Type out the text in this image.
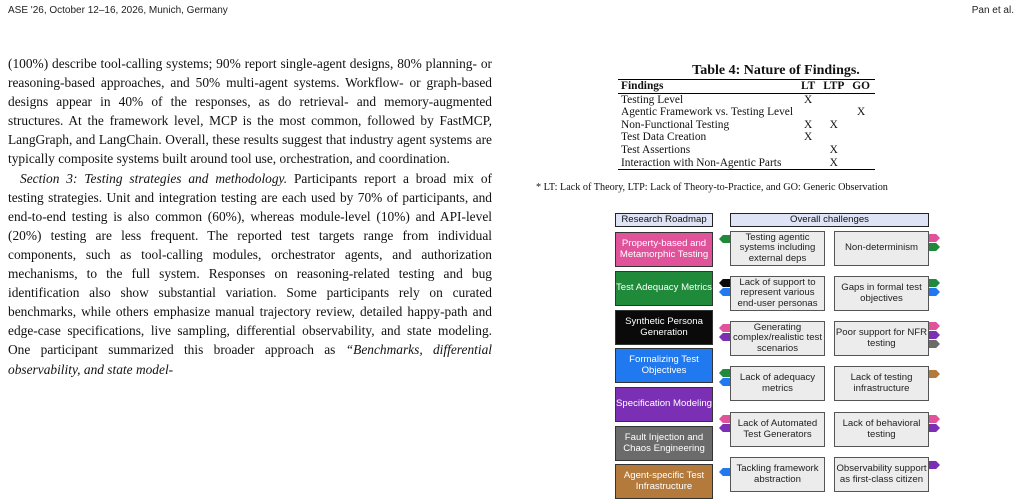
ASE '26, October 12–16, 2026, Munich, Germany	Pan et al.

(100%) describe tool-calling systems; 90% report single-agent designs, 80% planning- or reasoning-based approaches, and 50% multi-agent systems. Workflow- or graph-based designs appear in 40% of the responses, as do retrieval- and memory-augmented structures. At the framework level, MCP is the most common, followed by FastMCP, LangGraph, and LangChain. Overall, these results suggest that industry agent systems are typically composite systems built around tool use, orchestration, and coordination.

Section 3: Testing strategies and methodology. Participants report a broad mix of testing strategies. Unit and integration testing are each used by 70% of participants, and end-to-end testing is also common (60%), whereas module-level (10%) and API-level (20%) testing are less frequent. The reported test targets range from individual components, such as tool-calling modules, orchestrator agents, and authorization mechanisms, to the full system. Responses on reasoning-related testing and bug identification also show substantial variation. Some participants rely on curated benchmarks, while others emphasize manual trajectory review, detailed happy-path and edge-case specifications, live sampling, differential observability, and state modeling. One participant summarized this broader approach as “Benchmarks, differential observability, and state model-

Table 4: Nature of Findings.
Findings	LT	LTP	GO
Testing Level	X		
Agentic Framework vs. Testing Level			X
Non-Functional Testing	X	X	
Test Data Creation	X		
Test Assertions		X	
Interaction with Non-Agentic Parts		X	
* LT: Lack of Theory, LTP: Lack of Theory-to-Practice, and GO: Generic Observation
Research Roadmap	Overall challenges
Property-based and Metamorphic Testing
Test Adequacy Metrics
Synthetic Persona Generation
Formalizing Test Objectives
Specification Modeling
Fault Injection and Chaos Engineering
Agent-specific Test Infrastructure
Testing agentic systems including external deps
Lack of support to represent various end-user personas
Generating complex/realistic test scenarios
Lack of adequacy metrics
Lack of Automated Test Generators
Tackling framework abstraction
Non-determinism
Gaps in formal test objectives
Poor support for NFR testing
Lack of testing infrastructure
Lack of behavioral testing
Observability support as first-class citizen
